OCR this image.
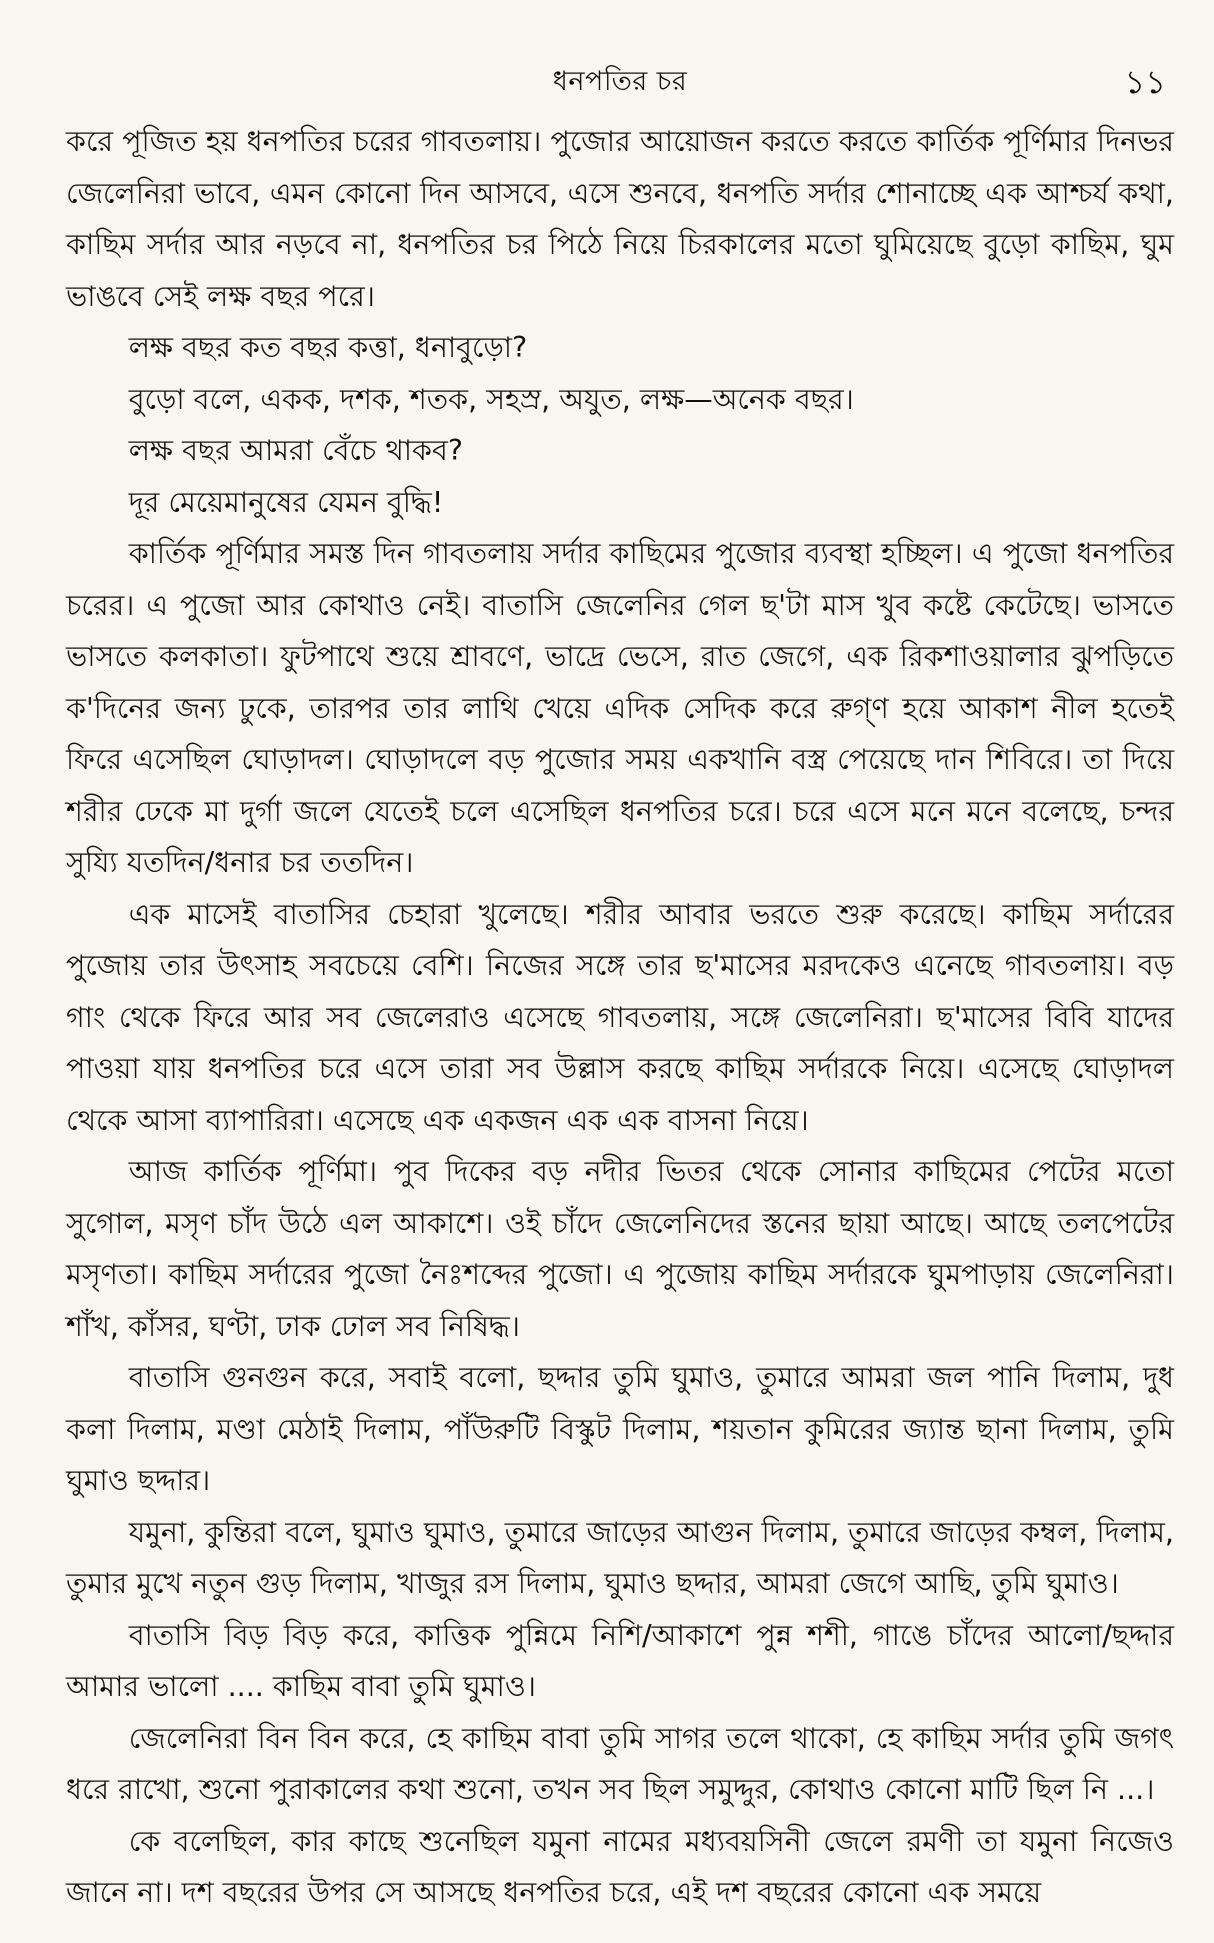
ধনপতির চর	১১

করে পূজিত হয় ধনপতির চরের গাবতলায়। পুজোর আয়োজন করতে করতে কার্তিক পূর্ণিমার দিনভর জেলেনিরা ভাবে, এমন কোনো দিন আসবে, এসে শুনবে, ধনপতি সর্দার শোনাচ্ছে এক আশ্চর্য কথা, কাছিম সর্দার আর নড়বে না, ধনপতির চর পিঠে নিয়ে চিরকালের মতো ঘুমিয়েছে বুড়ো কাছিম, ঘুম ভাঙবে সেই লক্ষ বছর পরে।

লক্ষ বছর কত বছর কত্তা, ধনাবুড়ো?

বুড়ো বলে, একক, দশক, শতক, সহস্র, অযুত, লক্ষ—অনেক বছর।

লক্ষ বছর আমরা বেঁচে থাকব?

দূর মেয়েমানুষের যেমন বুদ্ধি!

কার্তিক পূর্ণিমার সমস্ত দিন গাবতলায় সর্দার কাছিমের পুজোর ব্যবস্থা হচ্ছিল। এ পুজো ধনপতির চরের। এ পুজো আর কোথাও নেই। বাতাসি জেলেনির গেল ছ'টা মাস খুব কষ্টে কেটেছে। ভাসতে ভাসতে কলকাতা। ফুটপাথে শুয়ে শ্রাবণে, ভাদ্রে ভেসে, রাত জেগে, এক রিকশাওয়ালার ঝুপড়িতে ক'দিনের জন্য ঢুকে, তারপর তার লাথি খেয়ে এদিক সেদিক করে রুগ্ণ হয়ে আকাশ নীল হতেই ফিরে এসেছিল ঘোড়াদল। ঘোড়াদলে বড় পুজোর সময় একখানি বস্ত্র পেয়েছে দান শিবিরে। তা দিয়ে শরীর ঢেকে মা দুর্গা জলে যেতেই চলে এসেছিল ধনপতির চরে। চরে এসে মনে মনে বলেছে, চন্দর সুয্যি যতদিন/ধনার চর ততদিন।

এক মাসেই বাতাসির চেহারা খুলেছে। শরীর আবার ভরতে শুরু করেছে। কাছিম সর্দারের পুজোয় তার উৎসাহ সবচেয়ে বেশি। নিজের সঙ্গে তার ছ'মাসের মরদকেও এনেছে গাবতলায়। বড় গাং থেকে ফিরে আর সব জেলেরাও এসেছে গাবতলায়, সঙ্গে জেলেনিরা। ছ'মাসের বিবি যাদের পাওয়া যায় ধনপতির চরে এসে তারা সব উল্লাস করছে কাছিম সর্দারকে নিয়ে। এসেছে ঘোড়াদল থেকে আসা ব্যাপারিরা। এসেছে এক একজন এক এক বাসনা নিয়ে।

আজ কার্তিক পূর্ণিমা। পুব দিকের বড় নদীর ভিতর থেকে সোনার কাছিমের পেটের মতো সুগোল, মসৃণ চাঁদ উঠে এল আকাশে। ওই চাঁদে জেলেনিদের স্তনের ছায়া আছে। আছে তলপেটের মসৃণতা। কাছিম সর্দারের পুজো নৈঃশব্দের পুজো। এ পুজোয় কাছিম সর্দারকে ঘুমপাড়ায় জেলেনিরা। শাঁখ, কাঁসর, ঘণ্টা, ঢাক ঢোল সব নিষিদ্ধ।

বাতাসি গুনগুন করে, সবাই বলো, ছদ্দার তুমি ঘুমাও, তুমারে আমরা জল পানি দিলাম, দুধ কলা দিলাম, মণ্ডা মেঠাই দিলাম, পাঁউরুটি বিস্কুট দিলাম, শয়তান কুমিরের জ্যান্ত ছানা দিলাম, তুমি ঘুমাও ছদ্দার।

যমুনা, কুন্তিরা বলে, ঘুমাও ঘুমাও, তুমারে জাড়ের আগুন দিলাম, তুমারে জাড়ের কম্বল, দিলাম, তুমার মুখে নতুন গুড় দিলাম, খাজুর রস দিলাম, ঘুমাও ছদ্দার, আমরা জেগে আছি, তুমি ঘুমাও।

বাতাসি বিড় বিড় করে, কাত্তিক পুন্নিমে নিশি/আকাশে পুন্ন শশী, গাঙে চাঁদের আলো/ছদ্দার আমার ভালো .... কাছিম বাবা তুমি ঘুমাও।

জেলেনিরা বিন বিন করে, হে কাছিম বাবা তুমি সাগর তলে থাকো, হে কাছিম সর্দার তুমি জগৎ ধরে রাখো, শুনো পুরাকালের কথা শুনো, তখন সব ছিল সমুদ্দুর, কোথাও কোনো মাটি ছিল নি ...।

কে বলেছিল, কার কাছে শুনেছিল যমুনা নামের মধ্যবয়সিনী জেলে রমণী তা যমুনা নিজেও জানে না। দশ বছরের উপর সে আসছে ধনপতির চরে, এই দশ বছরের কোনো এক সময়ে
